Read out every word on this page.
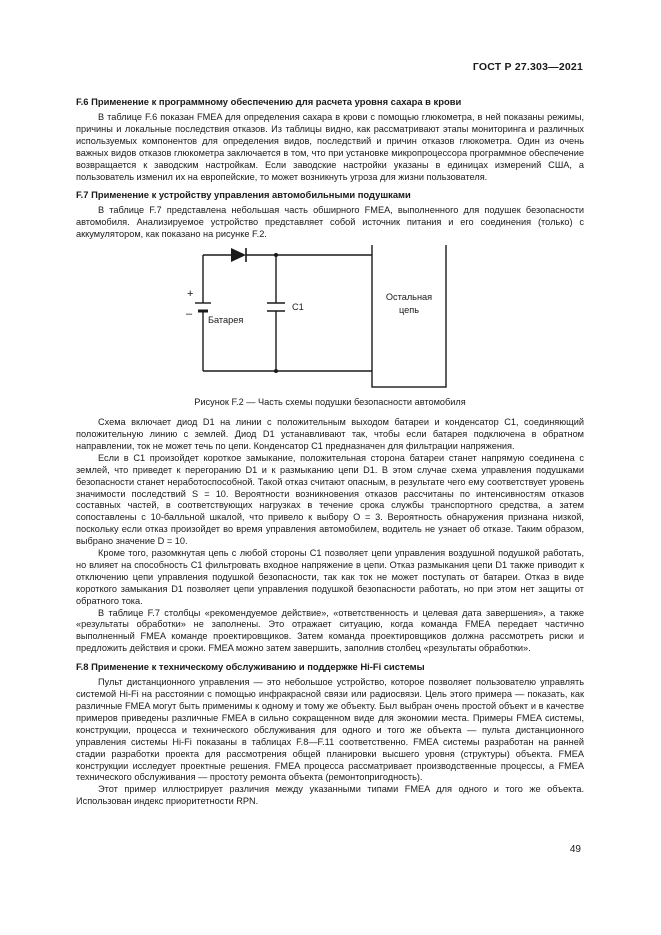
ГОСТ Р 27.303—2021
F.6 Применение к программному обеспечению для расчета уровня сахара в крови

В таблице F.6 показан FMEA для определения сахара в крови с помощью глюкометра, в ней показаны режимы, причины и локальные последствия отказов. Из таблицы видно, как рассматривают этапы мониторинга и различных используемых компонентов для определения видов, последствий и причин отказов глюкометра. Один из очень важных видов отказов глюкометра заключается в том, что при установке микропроцессора программное обеспечение возвращается к заводским настройкам. Если заводские настройки указаны в единицах измерений США, а пользователь изменил их на европейские, то может возникнуть угроза для жизни пользователя.

F.7 Применение к устройству управления автомобильными подушками

В таблице F.7 представлена небольшая часть обширного FMEA, выполненного для подушек безопасности автомобиля. Анализируемое устройство представляет собой источник питания и его соединения (только) с аккумулятором, как показано на рисунке F.2.

C1
+
– Батарея
Остальная
цепь

Рисунок F.2 — Часть схемы подушки безопасности автомобиля

Схема включает диод D1 на линии с положительным выходом батареи и конденсатор C1, соединяющий положительную линию с землей. Диод D1 устанавливают так, чтобы если батарея подключена в обратном направлении, ток не может течь по цепи. Конденсатор C1 предназначен для фильтрации напряжения.

Если в C1 произойдет короткое замыкание, положительная сторона батареи станет напрямую соединена с землей, что приведет к перегоранию D1 и к размыканию цепи D1. В этом случае схема управления подушками безопасности станет неработоспособной. Такой отказ считают опасным, в результате чего ему соответствует уровень значимости последствий S = 10. Вероятности возникновения отказов рассчитаны по интенсивностям отказов составных частей, в соответствующих нагрузках в течение срока службы транспортного средства, а затем сопоставлены с 10-балльной шкалой, что привело к выбору O = 3. Вероятность обнаружения признана низкой, поскольку если отказ произойдет во время управления автомобилем, водитель не узнает об отказе. Таким образом, выбрано значение D = 10.

Кроме того, разомкнутая цепь с любой стороны C1 позволяет цепи управления воздушной подушкой работать, но влияет на способность C1 фильтровать входное напряжение в цепи. Отказ размыкания цепи D1 также приводит к отключению цепи управления подушкой безопасности, так как ток не может поступать от батареи. Отказ в виде короткого замыкания D1 позволяет цепи управления подушкой безопасности работать, но при этом нет защиты от обратного тока.

В таблице F.7 столбцы «рекомендуемое действие», «ответственность и целевая дата завершения», а также «результаты обработки» не заполнены. Это отражает ситуацию, когда команда FMEA передает частично выполненный FMEA команде проектировщиков. Затем команда проектировщиков должна рассмотреть риски и предложить действия и сроки. FMEA можно затем завершить, заполнив столбец «результаты обработки».

F.8 Применение к техническому обслуживанию и поддержке Hi-Fi системы

Пульт дистанционного управления — это небольшое устройство, которое позволяет пользователю управлять системой Hi-Fi на расстоянии с помощью инфракрасной связи или радиосвязи. Цель этого примера — показать, как различные FMEA могут быть применимы к одному и тому же объекту. Был выбран очень простой объект и в качестве примеров приведены различные FMEA в сильно сокращенном виде для экономии места. Примеры FMEA системы, конструкции, процесса и технического обслуживания для одного и того же объекта — пульта дистанционного управления системы Hi-Fi показаны в таблицах F.8—F.11 соответственно. FMEA системы разработан на ранней стадии разработки проекта для рассмотрения общей планировки высшего уровня (структуры) объекта. FMEA конструкции исследует проектные решения. FMEA процесса рассматривает производственные процессы, а FMEA технического обслуживания — простоту ремонта объекта (ремонтопригодность).

Этот пример иллюстрирует различия между указанными типами FMEA для одного и того же объекта. Использован индекс приоритетности RPN.

49
